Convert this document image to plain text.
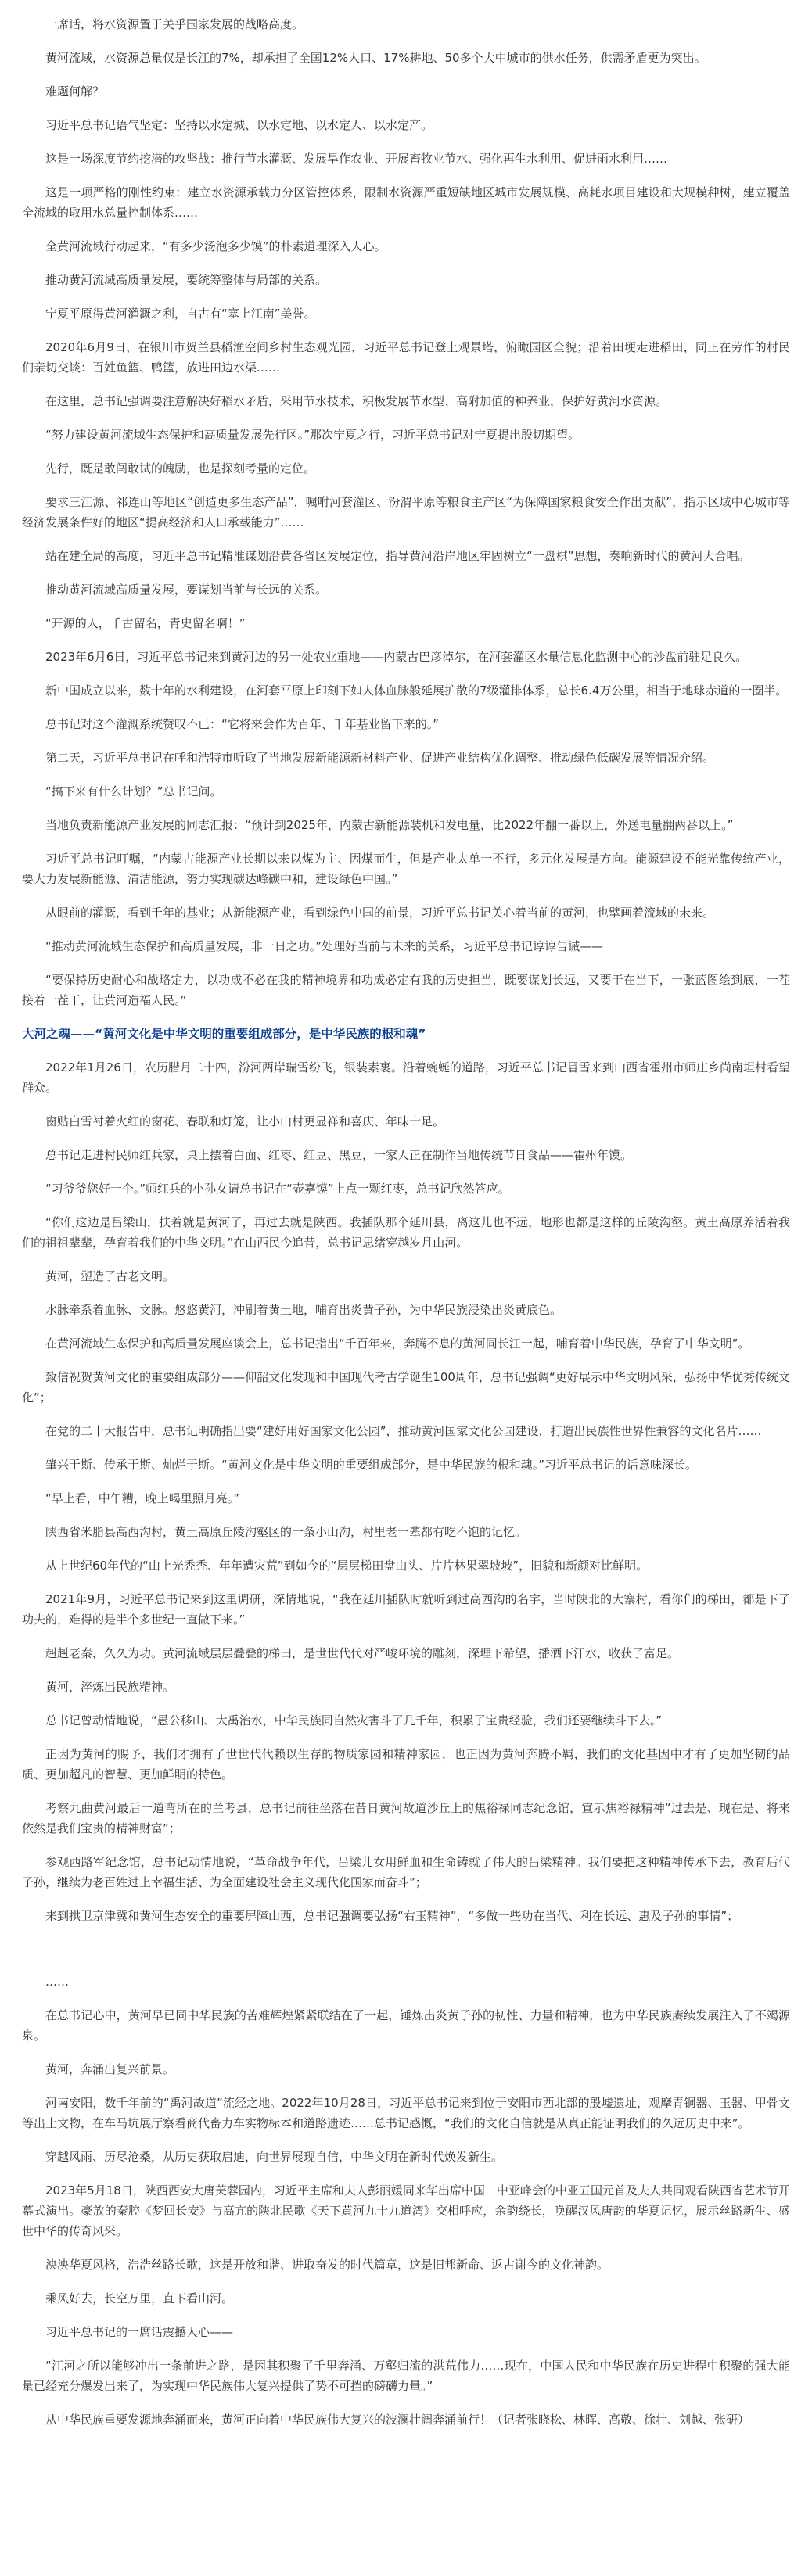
一席话，将水资源置于关乎国家发展的战略高度。

黄河流域，水资源总量仅是长江的7%，却承担了全国12%人口、17%耕地、50多个大中城市的供水任务，供需矛盾更为突出。

难题何解？

习近平总书记语气坚定：坚持以水定城、以水定地、以水定人、以水定产。

这是一场深度节约挖潜的攻坚战：推行节水灌溉、发展旱作农业、开展畜牧业节水、强化再生水利用、促进雨水利用……

这是一项严格的刚性约束：建立水资源承载力分区管控体系，限制水资源严重短缺地区城市发展规模、高耗水项目建设和大规模种树，建立覆盖全流域的取用水总量控制体系……

全黄河流域行动起来，“有多少汤泡多少馍”的朴素道理深入人心。

推动黄河流域高质量发展，要统筹整体与局部的关系。

宁夏平原得黄河灌溉之利，自古有“塞上江南”美誉。

2020年6月9日，在银川市贺兰县稻渔空间乡村生态观光园，习近平总书记登上观景塔，俯瞰园区全貌；沿着田埂走进稻田，同正在劳作的村民们亲切交谈：百姓鱼篮、鸭篮，放进田边水渠……

在这里，总书记强调要注意解决好稻水矛盾，采用节水技术，积极发展节水型、高附加值的种养业，保护好黄河水资源。

“努力建设黄河流域生态保护和高质量发展先行区。”那次宁夏之行，习近平总书记对宁夏提出殷切期望。

先行，既是敢闯敢试的魄励，也是探刻考量的定位。

要求三江源、祁连山等地区“创造更多生态产品”，嘱咐河套灌区、汾渭平原等粮食主产区“为保障国家粮食安全作出贡献”，指示区域中心城市等经济发展条件好的地区“提高经济和人口承载能力”……

站在建全局的高度，习近平总书记精准谋划沿黄各省区发展定位，指导黄河沿岸地区牢固树立“一盘棋”思想，奏响新时代的黄河大合唱。

推动黄河流域高质量发展，要谋划当前与长远的关系。

“开源的人，千古留名，青史留名啊！”

2023年6月6日，习近平总书记来到黄河边的另一处农业重地——内蒙古巴彦淖尔，在河套灌区水量信息化监测中心的沙盘前驻足良久。

新中国成立以来，数十年的水利建设，在河套平原上印刻下如人体血脉般延展扩散的7级灌排体系，总长6.4万公里，相当于地球赤道的一圈半。

总书记对这个灌溉系统赞叹不已：“它将来会作为百年、千年基业留下来的。”

第二天，习近平总书记在呼和浩特市听取了当地发展新能源新材料产业、促进产业结构优化调整、推动绿色低碳发展等情况介绍。

“搞下来有什么计划？”总书记问。

当地负责新能源产业发展的同志汇报：“预计到2025年，内蒙古新能源装机和发电量，比2022年翻一番以上，外送电量翻两番以上。”

习近平总书记叮嘱，“内蒙古能源产业长期以来以煤为主、因煤而生，但是产业太单一不行，多元化发展是方向。能源建设不能光靠传统产业，要大力发展新能源、清洁能源，努力实现碳达峰碳中和，建设绿色中国。”

从眼前的灌溉，看到千年的基业；从新能源产业，看到绿色中国的前景，习近平总书记关心着当前的黄河，也擘画着流域的未来。

“推动黄河流域生态保护和高质量发展，非一日之功。”处理好当前与未来的关系，习近平总书记谆谆告诫——

“要保持历史耐心和战略定力，以功成不必在我的精神境界和功成必定有我的历史担当，既要谋划长远，又要干在当下，一张蓝图绘到底，一茬接着一茬干，让黄河造福人民。”

大河之魂——“黄河文化是中华文明的重要组成部分，是中华民族的根和魂”

2022年1月26日，农历腊月二十四，汾河两岸瑞雪纷飞，银装素裹。沿着蜿蜒的道路，习近平总书记冒雪来到山西省霍州市师庄乡尚南坦村看望群众。

窗贴白雪衬着火红的窗花、春联和灯笼，让小山村更显祥和喜庆、年味十足。

总书记走进村民师红兵家，桌上摆着白面、红枣、红豆、黑豆，一家人正在制作当地传统节日食品——霍州年馍。

“习爷爷您好一个。”师红兵的小孙女请总书记在“壶嘉馍”上点一颗红枣，总书记欣然答应。

“你们这边是吕梁山，扶着就是黄河了，再过去就是陕西。我插队那个延川县，离这儿也不远，地形也都是这样的丘陵沟壑。黄土高原养活着我们的祖祖辈辈，孕育着我们的中华文明。”在山西民今追昔，总书记思绪穿越岁月山河。

黄河，塑造了古老文明。

水脉牵系着血脉、文脉。悠悠黄河，冲刷着黄土地，哺育出炎黄子孙，为中华民族浸染出炎黄底色。

在黄河流域生态保护和高质量发展座谈会上，总书记指出“千百年来，奔腾不息的黄河同长江一起，哺育着中华民族，孕育了中华文明”。

致信祝贺黄河文化的重要组成部分——仰韶文化发现和中国现代考古学诞生100周年，总书记强调“更好展示中华文明风采，弘扬中华优秀传统文化”；

在党的二十大报告中，总书记明确指出要“建好用好国家文化公园”，推动黄河国家文化公园建设，打造出民族性世界性兼容的文化名片……

肇兴于斯、传承于斯、灿烂于斯。“黄河文化是中华文明的重要组成部分，是中华民族的根和魂。”习近平总书记的话意味深长。

“早上看，中午糟，晚上喝里照月亮。”

陕西省米脂县高西沟村，黄土高原丘陵沟壑区的一条小山沟，村里老一辈都有吃不饱的记忆。

从上世纪60年代的“山上光秃秃、年年遭灾荒”到如今的“层层梯田盘山头、片片林果翠坡坡”，旧貌和新颜对比鲜明。

2021年9月，习近平总书记来到这里调研，深情地说，“我在延川插队时就听到过高西沟的名字，当时陕北的大寨村，看你们的梯田，都是下了功夫的，难得的是半个多世纪一直做下来。”

赳赳老秦，久久为功。黄河流域层层叠叠的梯田，是世世代代对严峻环境的雕刻，深埋下希望，播洒下汗水，收获了富足。

黄河，淬炼出民族精神。

总书记曾动情地说，“愚公移山、大禹治水，中华民族同自然灾害斗了几千年，积累了宝贵经验，我们还要继续斗下去。”

正因为黄河的赐予，我们才拥有了世世代代赖以生存的物质家园和精神家园，也正因为黄河奔腾不羁，我们的文化基因中才有了更加坚韧的品质、更加超凡的智慧、更加鲜明的特色。

考察九曲黄河最后一道弯所在的兰考县，总书记前往坐落在昔日黄河故道沙丘上的焦裕禄同志纪念馆，宣示焦裕禄精神“过去是、现在是、将来依然是我们宝贵的精神财富”；

参观西路军纪念馆，总书记动情地说，“革命战争年代，吕梁儿女用鲜血和生命铸就了伟大的吕梁精神。我们要把这种精神传承下去，教育后代子孙，继续为老百姓过上幸福生活、为全面建设社会主义现代化国家而奋斗”；

来到拱卫京津冀和黄河生态安全的重要屏障山西，总书记强调要弘扬“右玉精神”，“多做一些功在当代、利在长远、惠及子孙的事情”；

……

在总书记心中，黄河早已同中华民族的苦难辉煌紧紧联结在了一起，锤炼出炎黄子孙的韧性、力量和精神，也为中华民族赓续发展注入了不竭源泉。

黄河，奔涌出复兴前景。

河南安阳，数千年前的“禹河故道”流经之地。2022年10月28日，习近平总书记来到位于安阳市西北部的殷墟遗址，观摩青铜器、玉器、甲骨文等出土文物，在车马坑展厅察看商代畜力车实物标本和道路遗迹……总书记感慨，“我们的文化自信就是从真正能证明我们的久远历史中来”。

穿越风雨、历尽沧桑，从历史获取启迪，向世界展现自信，中华文明在新时代焕发新生。

2023年5月18日，陕西西安大唐芙蓉园内，习近平主席和夫人彭丽媛同来华出席中国－中亚峰会的中亚五国元首及夫人共同观看陕西省艺术节开幕式演出。豪放的秦腔《梦回长安》与高亢的陕北民歌《天下黄河九十九道湾》交相呼应，余韵绕长，唤醒汉风唐韵的华夏记忆，展示丝路新生、盛世中华的传奇风采。

泱泱华夏风格，浩浩丝路长歌，这是开放和谐、进取奋发的时代篇章，这是旧邦新命、返古谢今的文化神韵。

乘风好去，长空万里，直下看山河。

习近平总书记的一席话震撼人心——

“江河之所以能够冲出一条前进之路，是因其积聚了千里奔涌、万壑归流的洪荒伟力……现在，中国人民和中华民族在历史进程中积聚的强大能量已经充分爆发出来了，为实现中华民族伟大复兴提供了势不可挡的磅礴力量。”

从中华民族重要发源地奔涌而来，黄河正向着中华民族伟大复兴的波澜壮阔奔涌前行！（记者张晓松、林晖、高敬、徐壮、刘越、张研）
